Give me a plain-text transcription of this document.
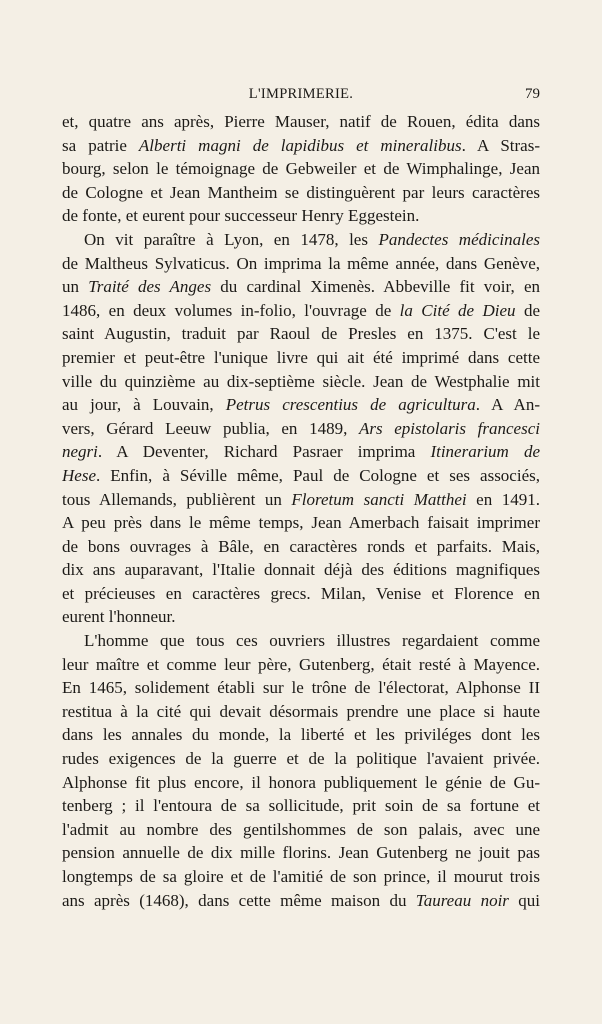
L'IMPRIMERIE.	79
et, quatre ans après, Pierre Mauser, natif de Rouen, édita dans
sa patrie Alberti magni de lapidibus et mineralibus. A Stras-
bourg, selon le témoignage de Gebweiler et de Wimphalinge, Jean
de Cologne et Jean Mantheim se distinguèrent par leurs caractères
de fonte, et eurent pour successeur Henry Eggestein.
On vit paraître à Lyon, en 1478, les Pandectes médicinales
de Maltheus Sylvaticus. On imprima la même année, dans Genève,
un Traité des Anges du cardinal Ximenès. Abbeville fit voir, en
1486, en deux volumes in-folio, l'ouvrage de la Cité de Dieu de
saint Augustin, traduit par Raoul de Presles en 1375. C'est le
premier et peut-être l'unique livre qui ait été imprimé dans cette
ville du quinzième au dix-septième siècle. Jean de Westphalie mit
au jour, à Louvain, Petrus crescentius de agricultura. A An-
vers, Gérard Leeuw publia, en 1489, Ars epistolaris francesci
negri. A Deventer, Richard Pasraer imprima Itinerarium de
Hese. Enfin, à Séville même, Paul de Cologne et ses associés,
tous Allemands, publièrent un Floretum sancti Matthei en 1491.
A peu près dans le même temps, Jean Amerbach faisait imprimer
de bons ouvrages à Bâle, en caractères ronds et parfaits. Mais,
dix ans auparavant, l'Italie donnait déjà des éditions magnifiques
et précieuses en caractères grecs. Milan, Venise et Florence en
eurent l'honneur.
L'homme que tous ces ouvriers illustres regardaient comme
leur maître et comme leur père, Gutenberg, était resté à Mayence.
En 1465, solidement établi sur le trône de l'électorat, Alphonse II
restitua à la cité qui devait désormais prendre une place si haute
dans les annales du monde, la liberté et les priviléges dont les
rudes exigences de la guerre et de la politique l'avaient privée.
Alphonse fit plus encore, il honora publiquement le génie de Gu-
tenberg ; il l'entoura de sa sollicitude, prit soin de sa fortune et
l'admit au nombre des gentilshommes de son palais, avec une
pension annuelle de dix mille florins. Jean Gutenberg ne jouit pas
longtemps de sa gloire et de l'amitié de son prince, il mourut trois
ans après (1468), dans cette même maison du Taureau noir qui
